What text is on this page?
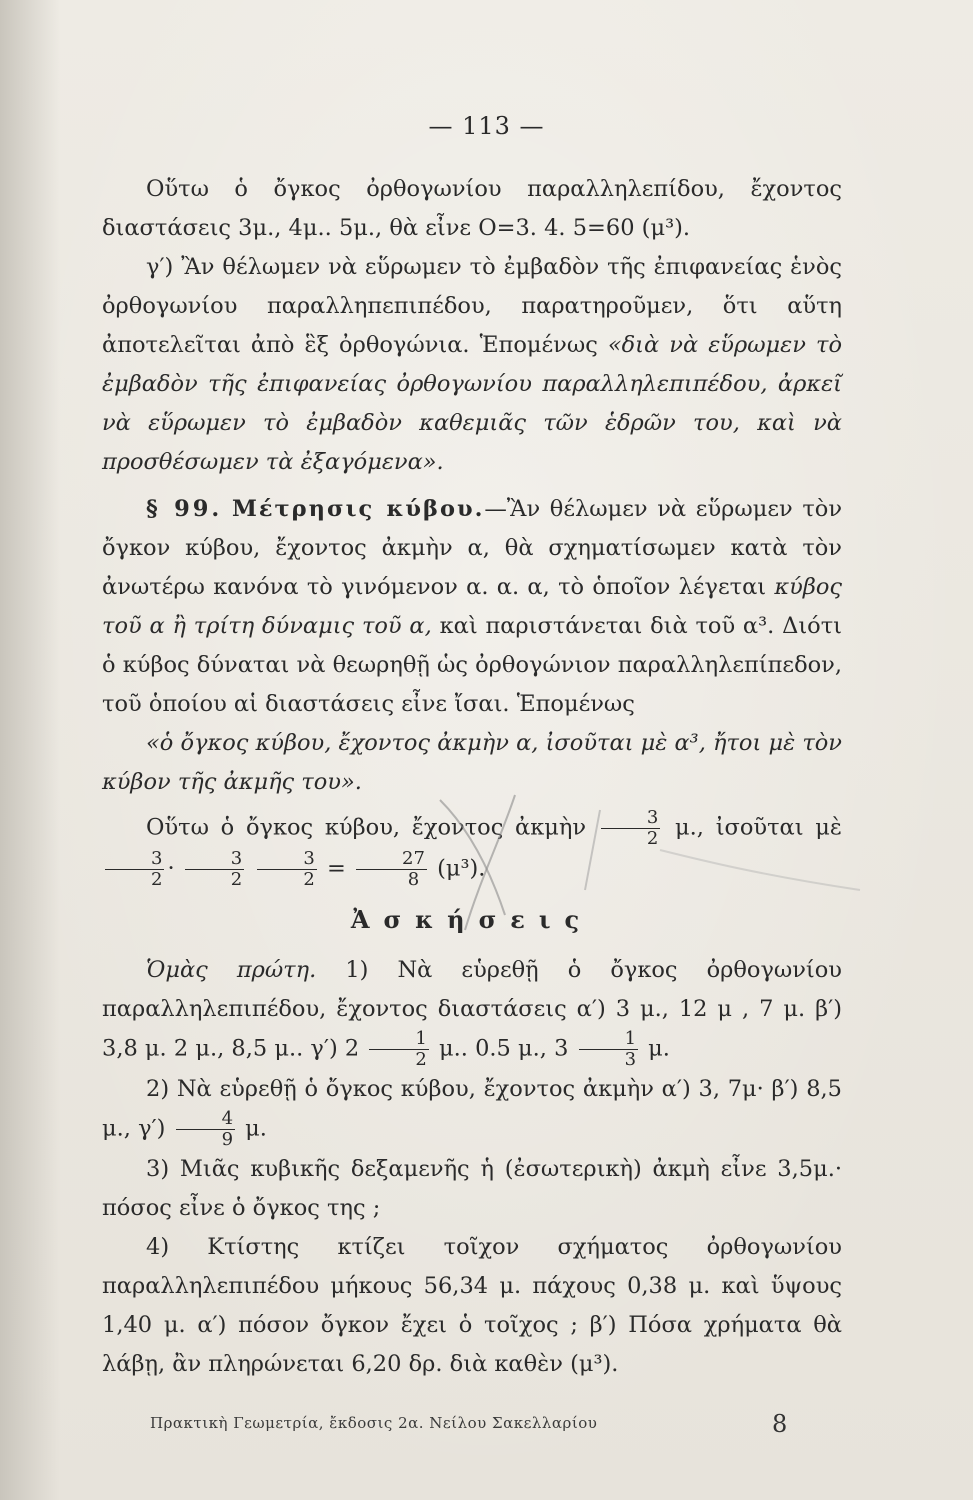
— 113 —

Οὕτω ὁ ὄγκος ὀρθογωνίου παραλληλεπίδου, ἔχοντος διαστάσεις 3μ., 4μ.. 5μ., θὰ εἶνε O=3. 4. 5=60 (μ³).

γ′) Ἂν θέλωμεν νὰ εὕρωμεν τὸ ἐμβαδὸν τῆς ἐπιφανείας ἑνὸς ὀρθογωνίου παραλληπεπιπέδου, παρατηροῦμεν, ὅτι αὕτη ἀποτελεῖται ἀπὸ ἓξ ὀρθογώνια. Ἑπομένως «διὰ νὰ εὕρωμεν τὸ ἐμβαδὸν τῆς ἐπιφανείας ὀρθογωνίου παραλληλεπιπέδου, ἀρκεῖ νὰ εὕρωμεν τὸ ἐμβαδὸν καθεμιᾶς τῶν ἑδρῶν του, καὶ νὰ προσθέσωμεν τὰ ἐξαγόμενα».

§ 99. Μέτρησις κύβου.—Ἂν θέλωμεν νὰ εὕρωμεν τὸν ὄγκον κύβου, ἔχοντος ἀκμὴν α, θὰ σχηματίσωμεν κατὰ τὸν ἀνωτέρω κανόνα τὸ γινόμενον α. α. α, τὸ ὁποῖον λέγεται κύβος τοῦ α ἢ τρίτη δύναμις τοῦ α, καὶ παριστάνεται διὰ τοῦ α³. Διότι ὁ κύβος δύναται νὰ θεωρηθῇ ὡς ὀρθογώνιον παραλληλεπίπεδον, τοῦ ὁποίου αἱ διαστάσεις εἶνε ἴσαι. Ἑπομένως

«ὁ ὄγκος κύβου, ἔχοντος ἀκμὴν α, ἰσοῦται μὲ α³, ἤτοι μὲ τὸν κύβον τῆς ἀκμῆς του».

Οὕτω ὁ ὄγκος κύβου, ἔχοντος ἀκμὴν $\frac{3}{2} \mu$., ἰσοῦται μὲ
$\frac{3}{2} \cdot \frac{3}{2}$
$\frac{3}{2} = \frac{27}{8} (\mu^3)$.

Ἀσκήσεις

Ὁμὰς πρώτη. 1) Νὰ εὑρεθῇ ὁ ὄγκος ὀρθογωνίου παραλληλεπιπέδου, ἔχοντος διαστάσεις α′) 3 μ., 12 μ , 7 μ. β′) 3,8 μ. 2 μ., 8,5 μ.. γ′) $2 \frac{1}{2} \mu$.. 0.5 μ., $3 \frac{1}{3} \mu$.

2) Νὰ εὑρεθῇ ὁ ὄγκος κύβου, ἔχοντος ἀκμὴν α′) 3, 7μ· β′) 8,5 μ., $\gamma') \frac{4}{9} \mu$.

3) Μιᾶς κυβικῆς δεξαμενῆς ἡ (ἐσωτερικὴ) ἀκμὴ εἶνε 3,5μ.· πόσος εἶνε ὁ ὄγκος της ;

4) Κτίστης κτίζει τοῖχον σχήματος ὀρθογωνίου παραλληλεπιπέδου μήκους 56,34 μ. πάχους 0,38 μ. καὶ ὕψους 1,40 μ. α′) πόσον ὄγκον ἔχει ὁ τοῖχος ; β′) Πόσα χρήματα θὰ λάβῃ, ἂν πληρώνεται 6,20 δρ. διὰ καθὲν (μ³).

Πρακτικὴ Γεωμετρία, ἔκδοσις 2α. Νείλου Σακελλαρίου	8
